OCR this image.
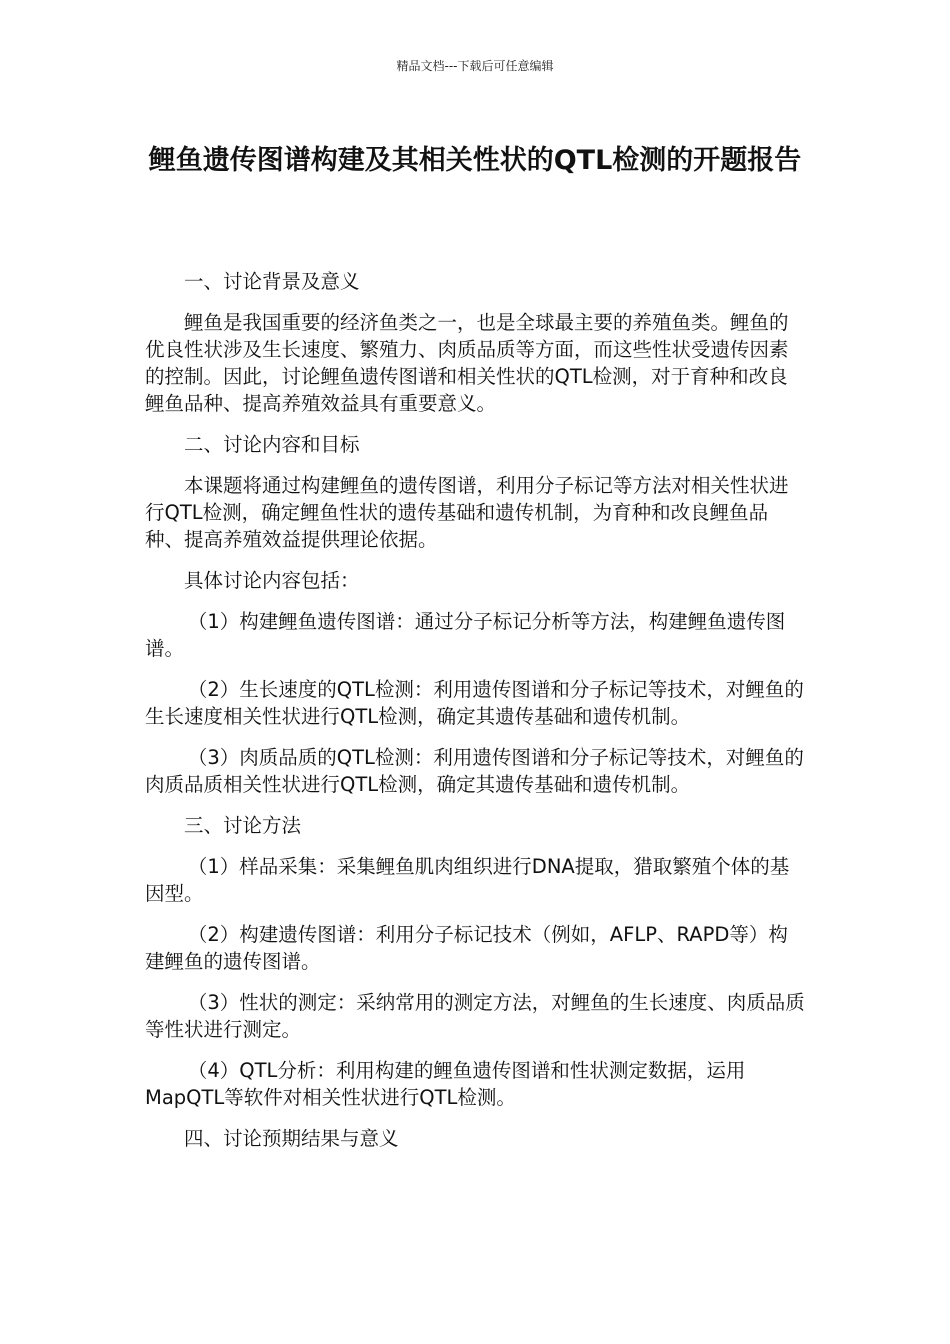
精品文档---下载后可任意编辑
鲤鱼遗传图谱构建及其相关性状的QTL检测的开题报告

一、讨论背景及意义

鲤鱼是我国重要的经济鱼类之一，也是全球最主要的养殖鱼类。鲤鱼的优良性状涉及生长速度、繁殖力、肉质品质等方面，而这些性状受遗传因素的控制。因此，讨论鲤鱼遗传图谱和相关性状的QTL检测，对于育种和改良鲤鱼品种、提高养殖效益具有重要意义。

二、讨论内容和目标

本课题将通过构建鲤鱼的遗传图谱，利用分子标记等方法对相关性状进行QTL检测，确定鲤鱼性状的遗传基础和遗传机制，为育种和改良鲤鱼品种、提高养殖效益提供理论依据。

具体讨论内容包括：

（1）构建鲤鱼遗传图谱：通过分子标记分析等方法，构建鲤鱼遗传图谱。

（2）生长速度的QTL检测：利用遗传图谱和分子标记等技术，对鲤鱼的生长速度相关性状进行QTL检测，确定其遗传基础和遗传机制。

（3）肉质品质的QTL检测：利用遗传图谱和分子标记等技术，对鲤鱼的肉质品质相关性状进行QTL检测，确定其遗传基础和遗传机制。

三、讨论方法

（1）样品采集：采集鲤鱼肌肉组织进行DNA提取，猎取繁殖个体的基因型。

（2）构建遗传图谱：利用分子标记技术（例如，AFLP、RAPD等）构建鲤鱼的遗传图谱。

（3）性状的测定：采纳常用的测定方法，对鲤鱼的生长速度、肉质品质等性状进行测定。

（4）QTL分析：利用构建的鲤鱼遗传图谱和性状测定数据，运用MapQTL等软件对相关性状进行QTL检测。

四、讨论预期结果与意义
